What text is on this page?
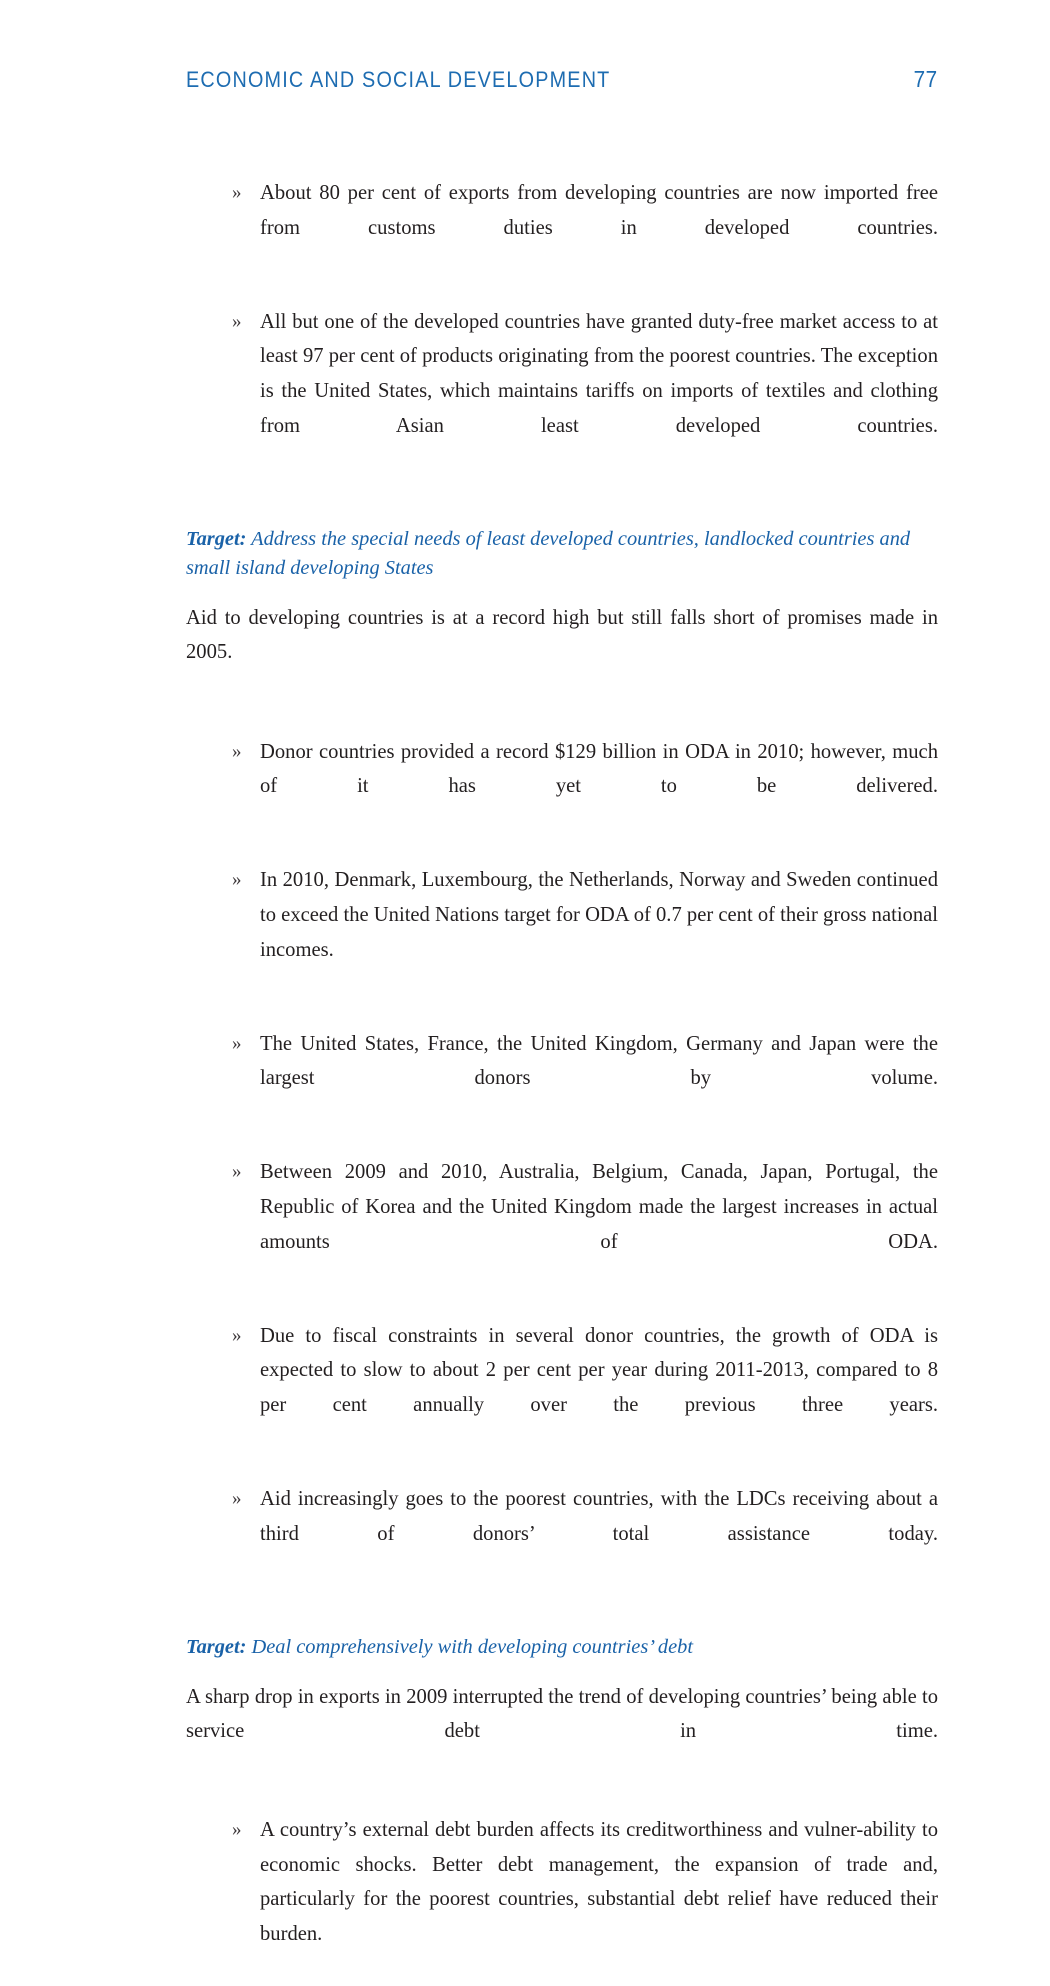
ECONOMIC AND SOCIAL DEVELOPMENT	77
» About 80 per cent of exports from developing countries are now imported free from customs duties in developed countries.
» All but one of the developed countries have granted duty-free market access to at least 97 per cent of products originating from the poorest countries. The exception is the United States, which maintains tariffs on imports of textiles and clothing from Asian least developed countries.

Target: Address the special needs of least developed countries, landlocked countries and small island developing States

Aid to developing countries is at a record high but still falls short of promises made in 2005.

» Donor countries provided a record $129 billion in ODA in 2010; however, much of it has yet to be delivered.
» In 2010, Denmark, Luxembourg, the Netherlands, Norway and Sweden continued to exceed the United Nations target for ODA of 0.7 per cent of their gross national incomes.
» The United States, France, the United Kingdom, Germany and Japan were the largest donors by volume.
» Between 2009 and 2010, Australia, Belgium, Canada, Japan, Portugal, the Republic of Korea and the United Kingdom made the largest increases in actual amounts of ODA.
» Due to fiscal constraints in several donor countries, the growth of ODA is expected to slow to about 2 per cent per year during 2011-2013, compared to 8 per cent annually over the previous three years.
» Aid increasingly goes to the poorest countries, with the LDCs receiving about a third of donors’ total assistance today.

Target: Deal comprehensively with developing countries’ debt

A sharp drop in exports in 2009 interrupted the trend of developing countries’ being able to service debt in time.

» A country’s external debt burden affects its creditworthiness and vulner-ability to economic shocks. Better debt management, the expansion of trade and, particularly for the poorest countries, substantial debt relief have reduced their burden.
